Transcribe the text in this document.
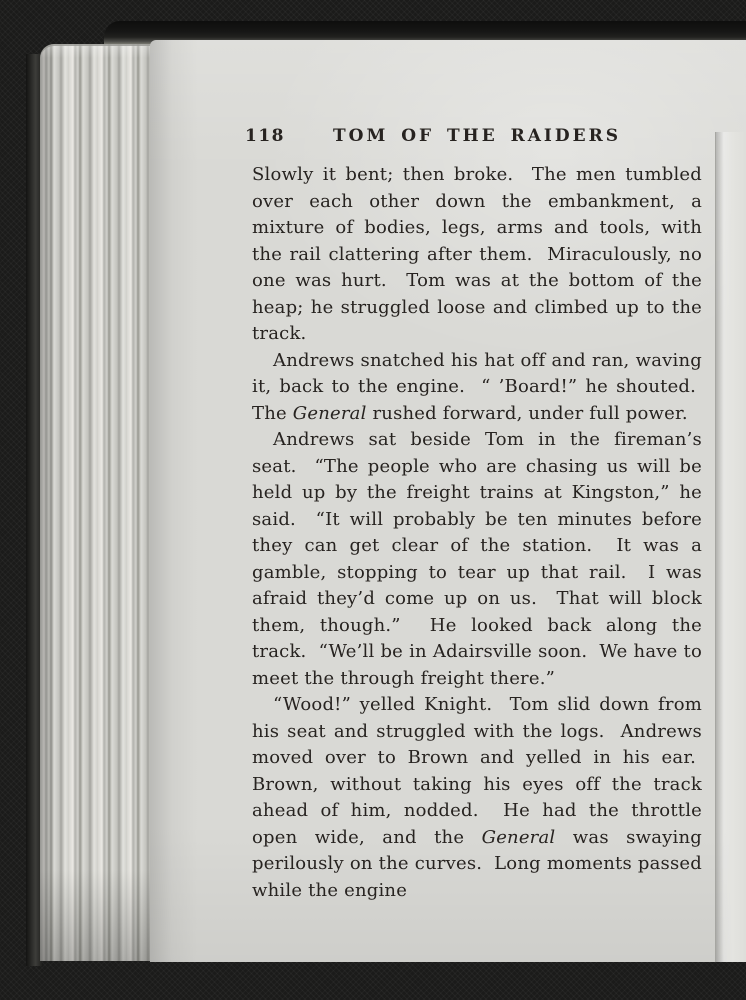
118	TOM OF THE RAIDERS

Slowly it bent; then broke.  The men tumbled over each other down the embankment, a mixture of bodies, legs, arms and tools, with the rail clattering after them.  Miraculously, no one was hurt.  Tom was at the bottom of the heap; he struggled loose and climbed up to the track.

Andrews snatched his hat off and ran, waving it, back to the engine.  “ ’Board!” he shouted.  The General rushed forward, under full power.

Andrews sat beside Tom in the fireman’s seat.  “The people who are chasing us will be held up by the freight trains at Kingston,” he said.  “It will probably be ten minutes before they can get clear of the station.  It was a gamble, stopping to tear up that rail.  I was afraid they’d come up on us.  That will block them, though.”  He looked back along the track.  “We’ll be in Adairsville soon.  We have to meet the through freight there.”

“Wood!” yelled Knight.  Tom slid down from his seat and struggled with the logs.  Andrews moved over to Brown and yelled in his ear.  Brown, without taking his eyes off the track ahead of him, nodded.  He had the throttle open wide, and the General was swaying perilously on the curves.  Long moments passed while the engine
